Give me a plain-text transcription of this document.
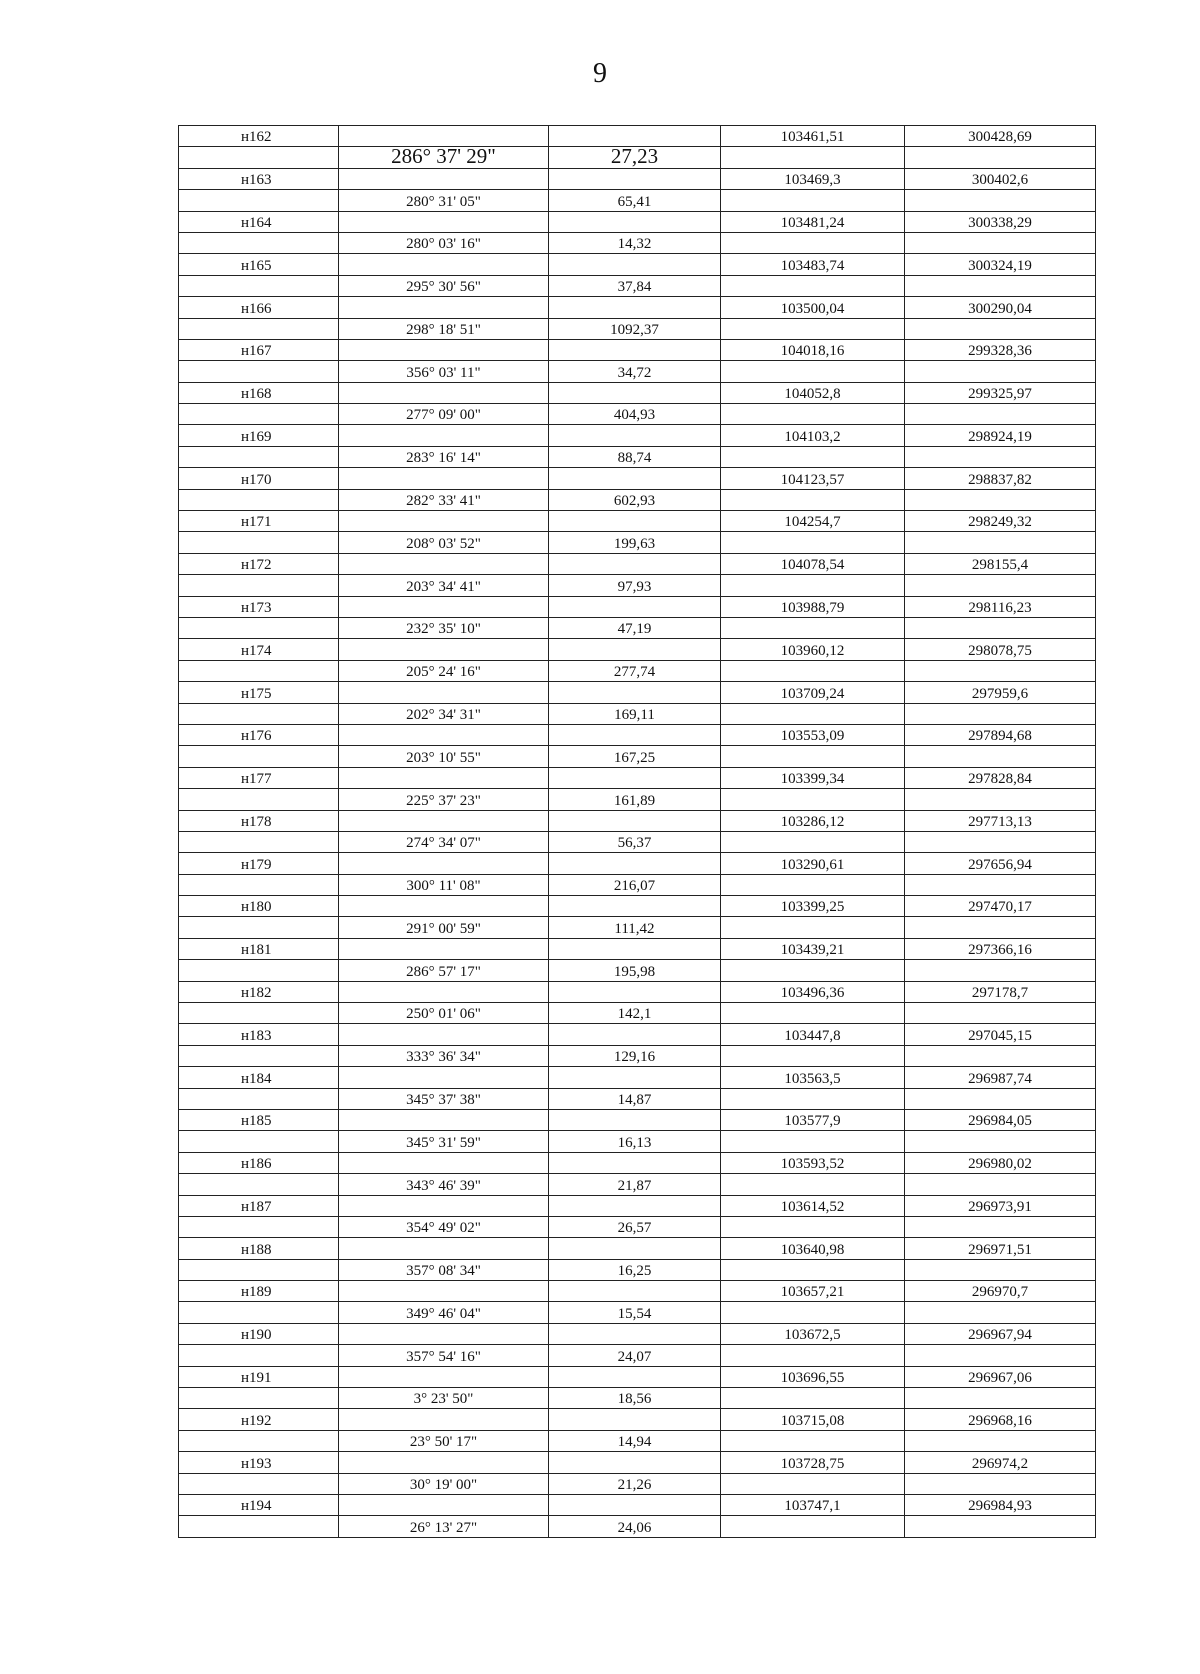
9
н162	103461,51	300428,69
286° 37' 29"	27,23
н163	103469,3	300402,6
280° 31' 05"	65,41
н164	103481,24	300338,29
280° 03' 16"	14,32
н165	103483,74	300324,19
295° 30' 56"	37,84
н166	103500,04	300290,04
298° 18' 51"	1092,37
н167	104018,16	299328,36
356° 03' 11"	34,72
н168	104052,8	299325,97
277° 09' 00"	404,93
н169	104103,2	298924,19
283° 16' 14"	88,74
н170	104123,57	298837,82
282° 33' 41"	602,93
н171	104254,7	298249,32
208° 03' 52"	199,63
н172	104078,54	298155,4
203° 34' 41"	97,93
н173	103988,79	298116,23
232° 35' 10"	47,19
н174	103960,12	298078,75
205° 24' 16"	277,74
н175	103709,24	297959,6
202° 34' 31"	169,11
н176	103553,09	297894,68
203° 10' 55"	167,25
н177	103399,34	297828,84
225° 37' 23"	161,89
н178	103286,12	297713,13
274° 34' 07"	56,37
н179	103290,61	297656,94
300° 11' 08"	216,07
н180	103399,25	297470,17
291° 00' 59"	111,42
н181	103439,21	297366,16
286° 57' 17"	195,98
н182	103496,36	297178,7
250° 01' 06"	142,1
н183	103447,8	297045,15
333° 36' 34"	129,16
н184	103563,5	296987,74
345° 37' 38"	14,87
н185	103577,9	296984,05
345° 31' 59"	16,13
н186	103593,52	296980,02
343° 46' 39"	21,87
н187	103614,52	296973,91
354° 49' 02"	26,57
н188	103640,98	296971,51
357° 08' 34"	16,25
н189	103657,21	296970,7
349° 46' 04"	15,54
н190	103672,5	296967,94
357° 54' 16"	24,07
н191	103696,55	296967,06
3° 23' 50"	18,56
н192	103715,08	296968,16
23° 50' 17"	14,94
н193	103728,75	296974,2
30° 19' 00"	21,26
н194	103747,1	296984,93
26° 13' 27"	24,06
